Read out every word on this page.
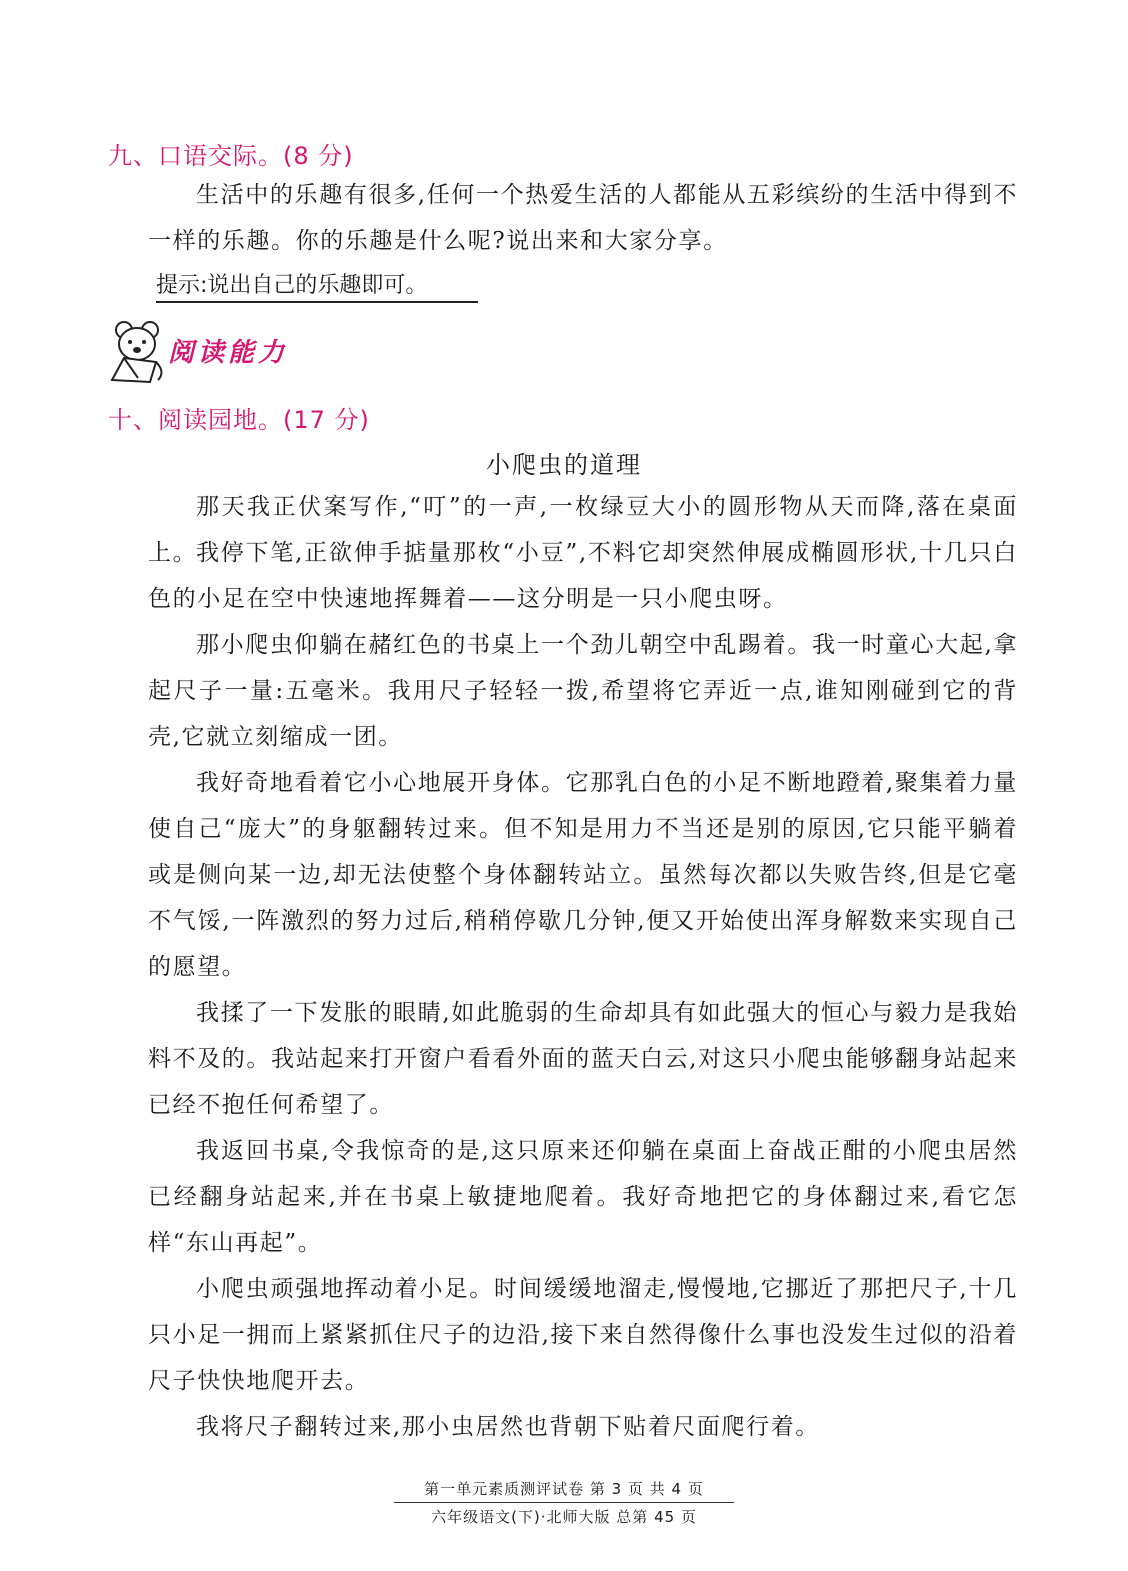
九、口语交际。(8 分)

生活中的乐趣有很多,任何一个热爱生活的人都能从五彩缤纷的生活中得到不一样的乐趣。你的乐趣是什么呢?说出来和大家分享。

提示:说出自己的乐趣即可。
阅读能力
十、阅读园地。(17 分)
小爬虫的道理

那天我正伏案写作,“叮”的一声,一枚绿豆大小的圆形物从天而降,落在桌面上。

我停下笔,正欲伸手掂量那枚“小豆”,不料它却突然伸展成椭圆形状,十几只白色的小足在空中快速地挥舞着——这分明是一只小爬虫呀。

那小爬虫仰躺在赭红色的书桌上一个劲儿朝空中乱踢着。我一时童心大起,拿起尺子一量:五毫米。我用尺子轻轻一拨,希望将它弄近一点,谁知刚碰到它的背壳,它就立刻缩成一团。

我好奇地看着它小心地展开身体。它那乳白色的小足不断地蹬着,聚集着力量使自己“庞大”的身躯翻转过来。但不知是用力不当还是别的原因,它只能平躺着或是侧向某一边,却无法使整个身体翻转站立。虽然每次都以失败告终,但是它毫不气馁,一阵激烈的努力过后,稍稍停歇几分钟,便又开始使出浑身解数来实现自己的愿望。

我揉了一下发胀的眼睛,如此脆弱的生命却具有如此强大的恒心与毅力是我始料不及的。我站起来打开窗户看看外面的蓝天白云,对这只小爬虫能够翻身站起来已经不抱任何希望了。

我返回书桌,令我惊奇的是,这只原来还仰躺在桌面上奋战正酣的小爬虫居然已经翻身站起来,并在书桌上敏捷地爬着。我好奇地把它的身体翻过来,看它怎样“东山再起”。

小爬虫顽强地挥动着小足。时间缓缓地溜走,慢慢地,它挪近了那把尺子,十几只小足一拥而上紧紧抓住尺子的边沿,接下来自然得像什么事也没发生过似的沿着尺子快快地爬开去。

我将尺子翻转过来,那小虫居然也背朝下贴着尺面爬行着。

第一单元素质测评试卷 第 3 页 共 4 页
六年级语文(下)·北师大版 总第 45 页
